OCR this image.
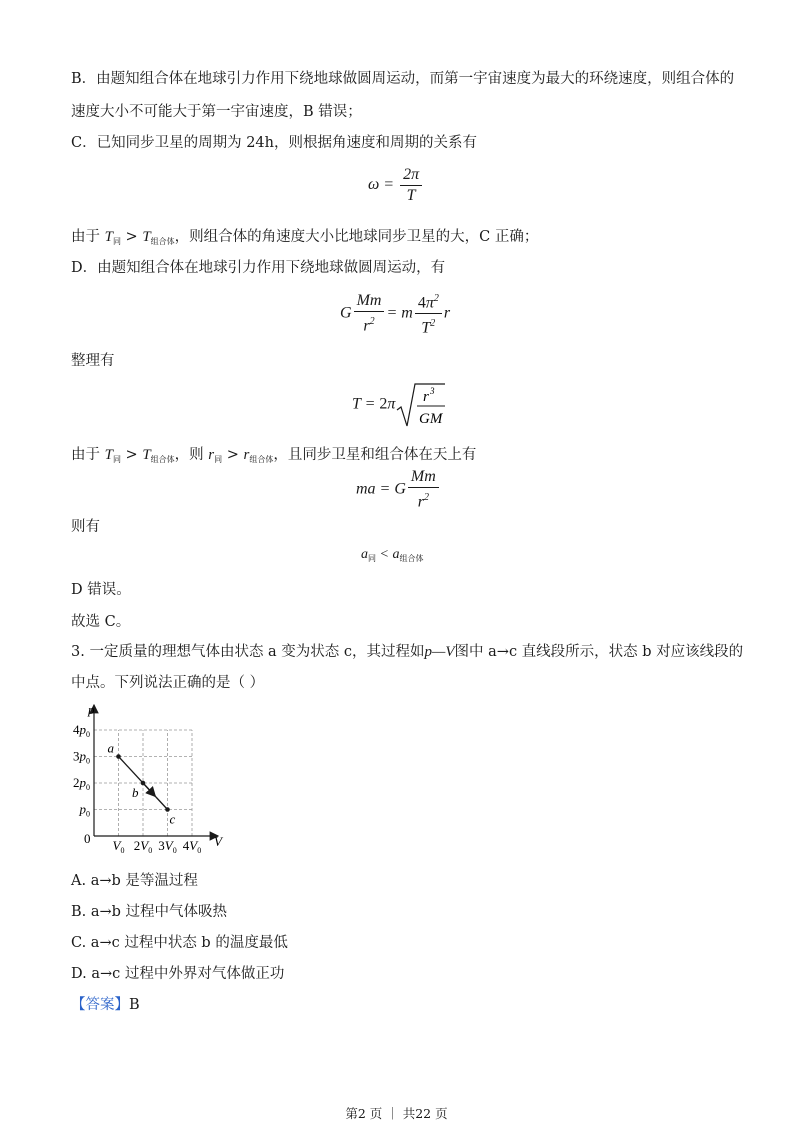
B．由题知组合体在地球引力作用下绕地球做圆周运动，而第一宇宙速度为最大的环绕速度，则组合体的
速度大小不可能大于第一宇宙速度，B 错误；
C．已知同步卫星的周期为 24h，则根据角速度和周期的关系有
$\omega = \frac{2\pi}{T}$
由于 $T_同 > T_{组合体}$，则组合体的角速度大小比地球同步卫星的大，C 正确；
D．由题知组合体在地球引力作用下绕地球做圆周运动，有
G $\frac{Mm}{r^2} = m \frac{4\pi^2}{T^2}$ r
整理有
T = 2π r 3
GM
由于 $T_同 > T_{组合体}$，则 $r_同 > r_{组合体}$，且同步卫星和组合体在天上有
ma = G $\frac{Mm}{r^2}$
则有
$a_同 < a_{组合体}$
D 错误。
故选 C。
3. 一定质量的理想气体由状态 a 变为状态 c，其过程如p—V图中 a→c 直线段所示，状态 b 对应该线段的
中点。下列说法正确的是（ ）
p
V
0
$4p_0$
$3p_0$
$2p_0$
$p_0$
$V_0$ $2V_0$ $3V_0$ $4V_0$
a
b
c
A. a→b 是等温过程
B. a→b 过程中气体吸热
C. a→c 过程中状态 b 的温度最低
D. a→c 过程中外界对气体做正功
【答案】B
第2 页 ｜ 共22 页
